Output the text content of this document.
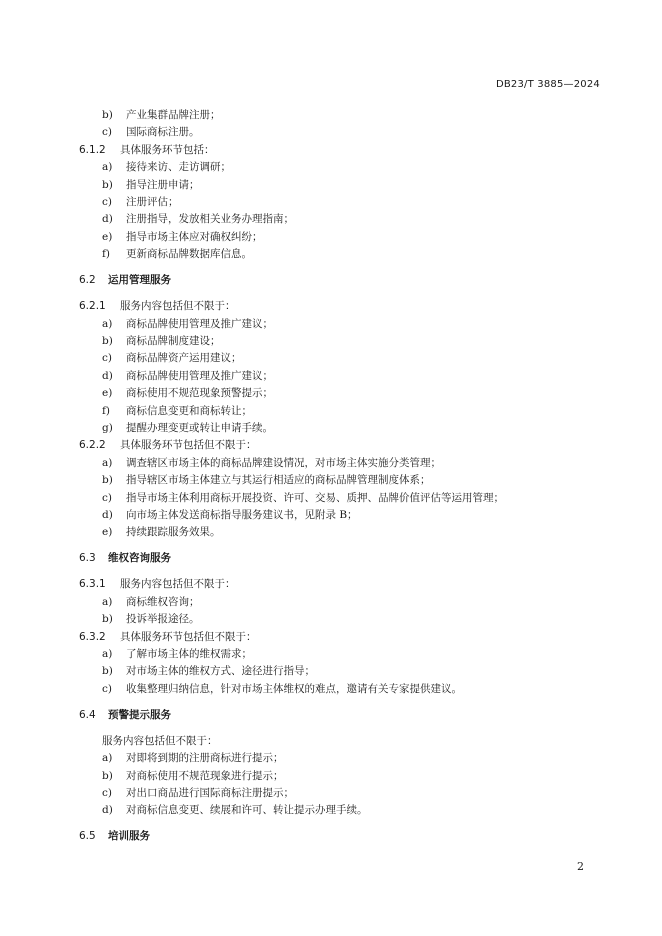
DB23/T 3885—2024
b) 产业集群品牌注册；
c) 国际商标注册。
6.1.2 具体服务环节包括：
a) 接待来访、走访调研；
b) 指导注册申请；
c) 注册评估；
d) 注册指导，发放相关业务办理指南；
e) 指导市场主体应对确权纠纷；
f) 更新商标品牌数据库信息。
6.2 运用管理服务
6.2.1 服务内容包括但不限于：
a) 商标品牌使用管理及推广建议；
b) 商标品牌制度建设；
c) 商标品牌资产运用建议；
d) 商标品牌使用管理及推广建议；
e) 商标使用不规范现象预警提示；
f) 商标信息变更和商标转让；
g) 提醒办理变更或转让申请手续。
6.2.2 具体服务环节包括但不限于：
a) 调查辖区市场主体的商标品牌建设情况，对市场主体实施分类管理；
b) 指导辖区市场主体建立与其运行相适应的商标品牌管理制度体系；
c) 指导市场主体利用商标开展投资、许可、交易、质押、品牌价值评估等运用管理；
d) 向市场主体发送商标指导服务建议书，见附录 B；
e) 持续跟踪服务效果。
6.3 维权咨询服务
6.3.1 服务内容包括但不限于：
a) 商标维权咨询；
b) 投诉举报途径。
6.3.2 具体服务环节包括但不限于：
a) 了解市场主体的维权需求；
b) 对市场主体的维权方式、途径进行指导；
c) 收集整理归纳信息，针对市场主体维权的难点，邀请有关专家提供建议。
6.4 预警提示服务
服务内容包括但不限于：
a) 对即将到期的注册商标进行提示；
b) 对商标使用不规范现象进行提示；
c) 对出口商品进行国际商标注册提示；
d) 对商标信息变更、续展和许可、转让提示办理手续。
6.5 培训服务
2
